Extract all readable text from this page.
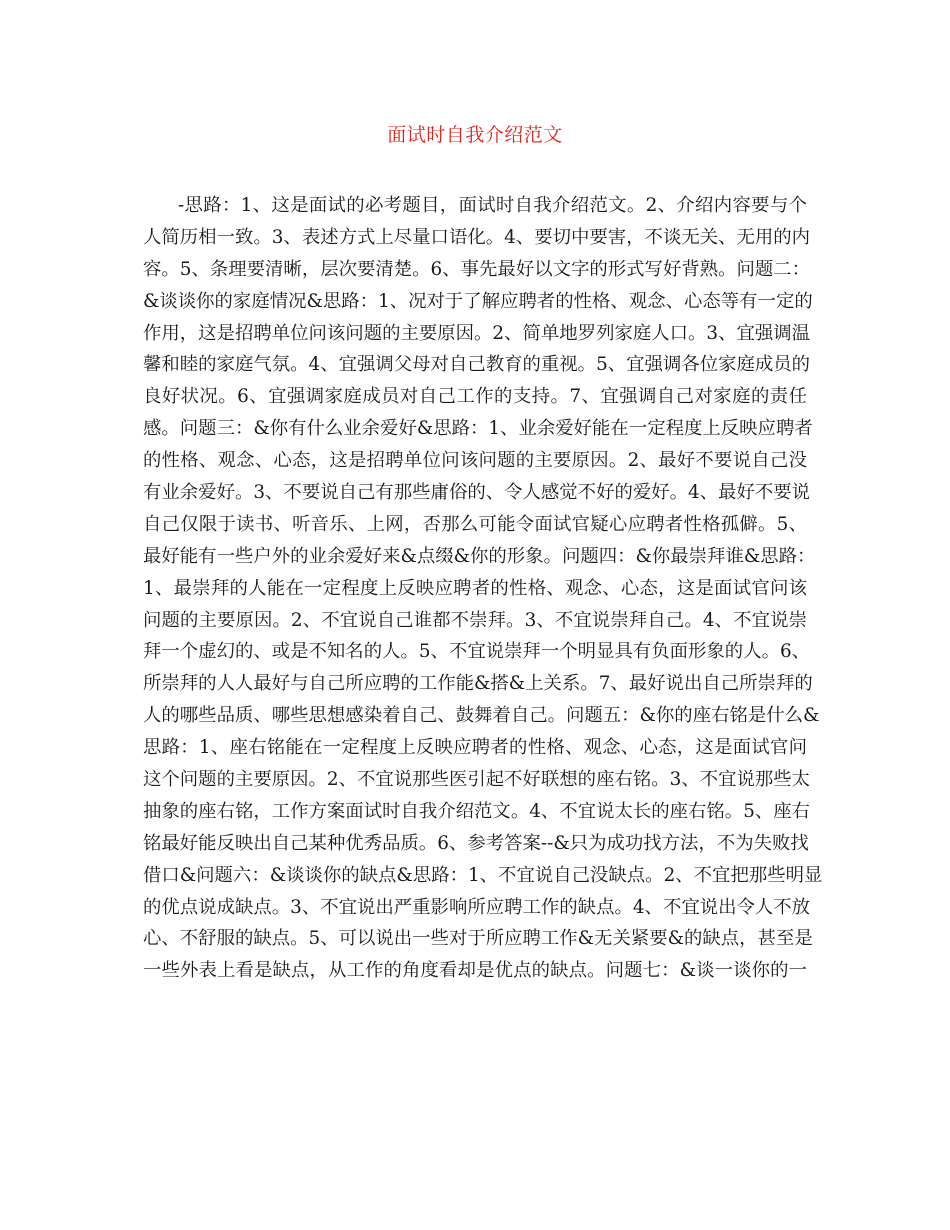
面试时自我介绍范文
-思路：1、这是面试的必考题目，面试时自我介绍范文。2、介绍内容要与个
人简历相一致。3、表述方式上尽量口语化。4、要切中要害，不谈无关、无用的内
容。5、条理要清晰，层次要清楚。6、事先最好以文字的形式写好背熟。问题二：
&谈谈你的家庭情况&思路：1、况对于了解应聘者的性格、观念、心态等有一定的
作用，这是招聘单位问该问题的主要原因。2、简单地罗列家庭人口。3、宜强调温
馨和睦的家庭气氛。4、宜强调父母对自己教育的重视。5、宜强调各位家庭成员的
良好状况。6、宜强调家庭成员对自己工作的支持。7、宜强调自己对家庭的责任
感。问题三：&你有什么业余爱好&思路：1、业余爱好能在一定程度上反映应聘者
的性格、观念、心态，这是招聘单位问该问题的主要原因。2、最好不要说自己没
有业余爱好。3、不要说自己有那些庸俗的、令人感觉不好的爱好。4、最好不要说
自己仅限于读书、听音乐、上网，否那么可能令面试官疑心应聘者性格孤僻。5、
最好能有一些户外的业余爱好来&点缀&你的形象。问题四：&你最崇拜谁&思路：
1、最崇拜的人能在一定程度上反映应聘者的性格、观念、心态，这是面试官问该
问题的主要原因。2、不宜说自己谁都不崇拜。3、不宜说崇拜自己。4、不宜说崇
拜一个虚幻的、或是不知名的人。5、不宜说崇拜一个明显具有负面形象的人。6、
所崇拜的人人最好与自己所应聘的工作能&搭&上关系。7、最好说出自己所崇拜的
人的哪些品质、哪些思想感染着自己、鼓舞着自己。问题五：&你的座右铭是什么&
思路：1、座右铭能在一定程度上反映应聘者的性格、观念、心态，这是面试官问
这个问题的主要原因。2、不宜说那些医引起不好联想的座右铭。3、不宜说那些太
抽象的座右铭，工作方案面试时自我介绍范文。4、不宜说太长的座右铭。5、座右
铭最好能反映出自己某种优秀品质。6、参考答案--&只为成功找方法，不为失败找
借口&问题六：&谈谈你的缺点&思路：1、不宜说自己没缺点。2、不宜把那些明显
的优点说成缺点。3、不宜说出严重影响所应聘工作的缺点。4、不宜说出令人不放
心、不舒服的缺点。5、可以说出一些对于所应聘工作&无关紧要&的缺点，甚至是
一些外表上看是缺点，从工作的角度看却是优点的缺点。问题七：&谈一谈你的一
